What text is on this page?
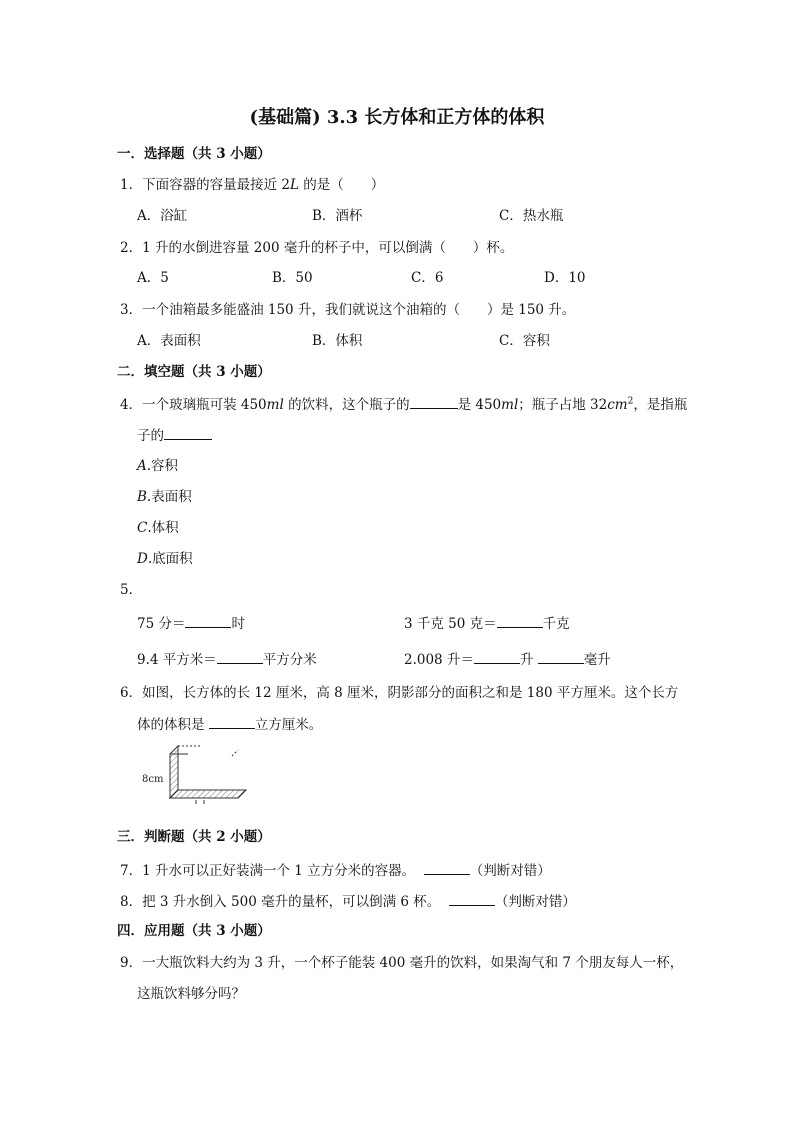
(基础篇) 3.3 长方体和正方体的体积
一．选择题（共 3 小题）
1．下面容器的容量最接近 2L 的是（　　）
A．浴缸	B．酒杯	C．热水瓶
2．1 升的水倒进容量 200 毫升的杯子中，可以倒满（　　）杯。
A．5	B．50	C．6	D．10
3．一个油箱最多能盛油 150 升，我们就说这个油箱的（　　）是 150 升。
A．表面积	B．体积	C．容积
二．填空题（共 3 小题）
4．一个玻璃瓶可装 450ml 的饮料，这个瓶子的	是 450ml；瓶子占地 $32cm^2$，是指瓶
子的
A.容积
B.表面积
C.体积
D.底面积
5．
75 分＝	时	3 千克 50 克＝	千克
9.4 平方米＝	平方分米	2.008 升＝	升	毫升
6．如图，长方体的长 12 厘米，高 8 厘米，阴影部分的面积之和是 180 平方厘米。这个长方
体的体积是	立方厘米。
8cm
三．判断题（共 2 小题）
7．1 升水可以正好装满一个 1 立方分米的容器。	（判断对错）
8．把 3 升水倒入 500 毫升的量杯，可以倒满 6 杯。	（判断对错）
四．应用题（共 3 小题）
9．一大瓶饮料大约为 3 升，一个杯子能装 400 毫升的饮料，如果淘气和 7 个朋友每人一杯，
这瓶饮料够分吗？
